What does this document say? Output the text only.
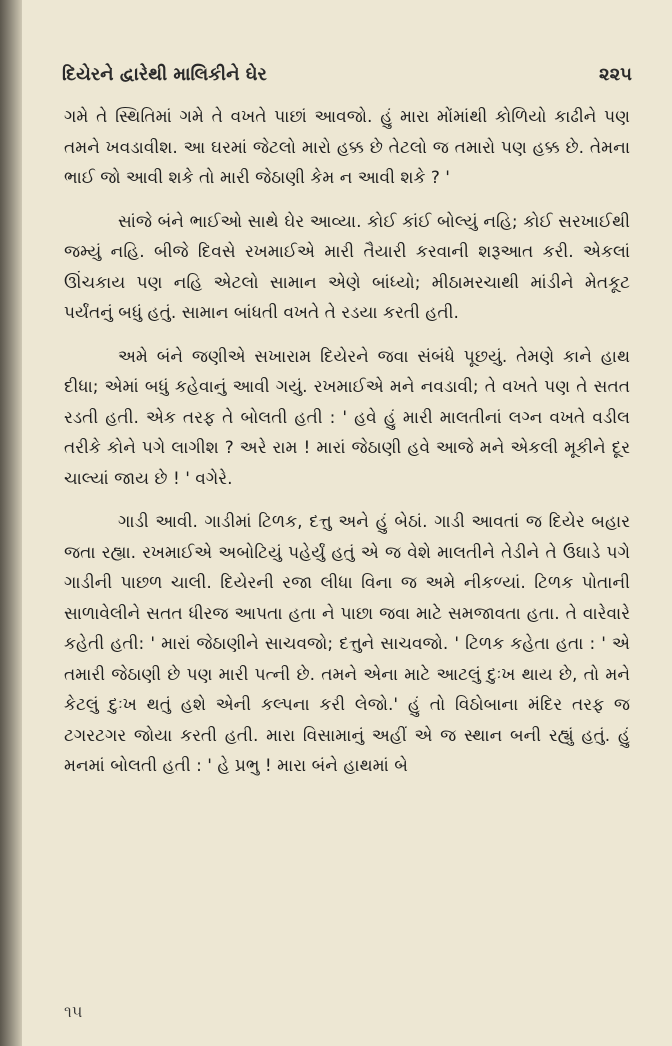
દિયેરને દ્વારેથી માલિકીને ઘેર	૨૨૫

ગમે તે સ્થિતિમાં ગમે તે વખતે પાછાં આવજો. હું મારા મોંમાંથી કોળિયો કાઢીને પણ તમને ખવડાવીશ. આ ઘરમાં જેટલો મારો હક્ક છે તેટલો જ તમારો પણ હક્ક છે. તેમના ભાઈ જો આવી શકે તો મારી જેઠાણી કેમ ન આવી શકે ? '

સાંજે બંને ભાઈઓ સાથે ઘેર આવ્યા. કોઈ કાંઈ બોલ્યું નહિ; કોઈ સરખાઈથી જમ્યું નહિ. બીજે દિવસે રખમાઈએ મારી તૈયારી કરવાની શરૂઆત કરી. એકલાં ઊંચકાય પણ નહિ એટલો સામાન એણે બાંધ્યો; મીઠામરચાથી માંડીને મેતકૂટ પર્યંતનું બધું હતું. સામાન બાંધતી વખતે તે રડયા કરતી હતી.

અમે બંને જણીએ સખારામ દિયેરને જવા સંબંધે પૂછયું. તેમણે કાને હાથ દીધા; એમાં બધું કહેવાનું આવી ગયું. રખમાઈએ મને નવડાવી; તે વખતે પણ તે સતત રડતી હતી. એક તરફ તે બોલતી હતી : ' હવે હું મારી માલતીનાં લગ્ન વખતે વડીલ તરીકે કોને પગે લાગીશ ? અરે રામ ! મારાં જેઠાણી હવે આજે મને એકલી મૂકીને દૂર ચાલ્યાં જાય છે ! ' વગેરે.

ગાડી આવી. ગાડીમાં ટિળક, દત્તુ અને હું બેઠાં. ગાડી આવતાં જ દિયેર બહાર જતા રહ્યા. રખમાઈએ અબોટિયું પહેર્યું હતું એ જ વેશે માલતીને તેડીને તે ઉઘાડે પગે ગાડીની પાછળ ચાલી. દિયેરની રજા લીધા વિના જ અમે નીકળ્યાં. ટિળક પોતાની સાળાવેલીને સતત ધીરજ આપતા હતા ને પાછા જવા માટે સમજાવતા હતા. તે વારેવારે કહેતી હતી: ' મારાં જેઠાણીને સાચવજો; દત્તુને સાચવજો. ' ટિળક કહેતા હતા : ' એ તમારી જેઠાણી છે પણ મારી પત્ની છે. તમને એના માટે આટલું દુઃખ થાય છે, તો મને કેટલું દુઃખ થતું હશે એની કલ્પના કરી લેજો.' હું તો વિઠોબાના મંદિર તરફ જ ટગરટગર જોયા કરતી હતી. મારા વિસામાનું અહીં એ જ સ્થાન બની રહ્યું હતું. હું મનમાં બોલતી હતી : ' હે પ્રભુ ! મારા બંને હાથમાં બે

૧૫
